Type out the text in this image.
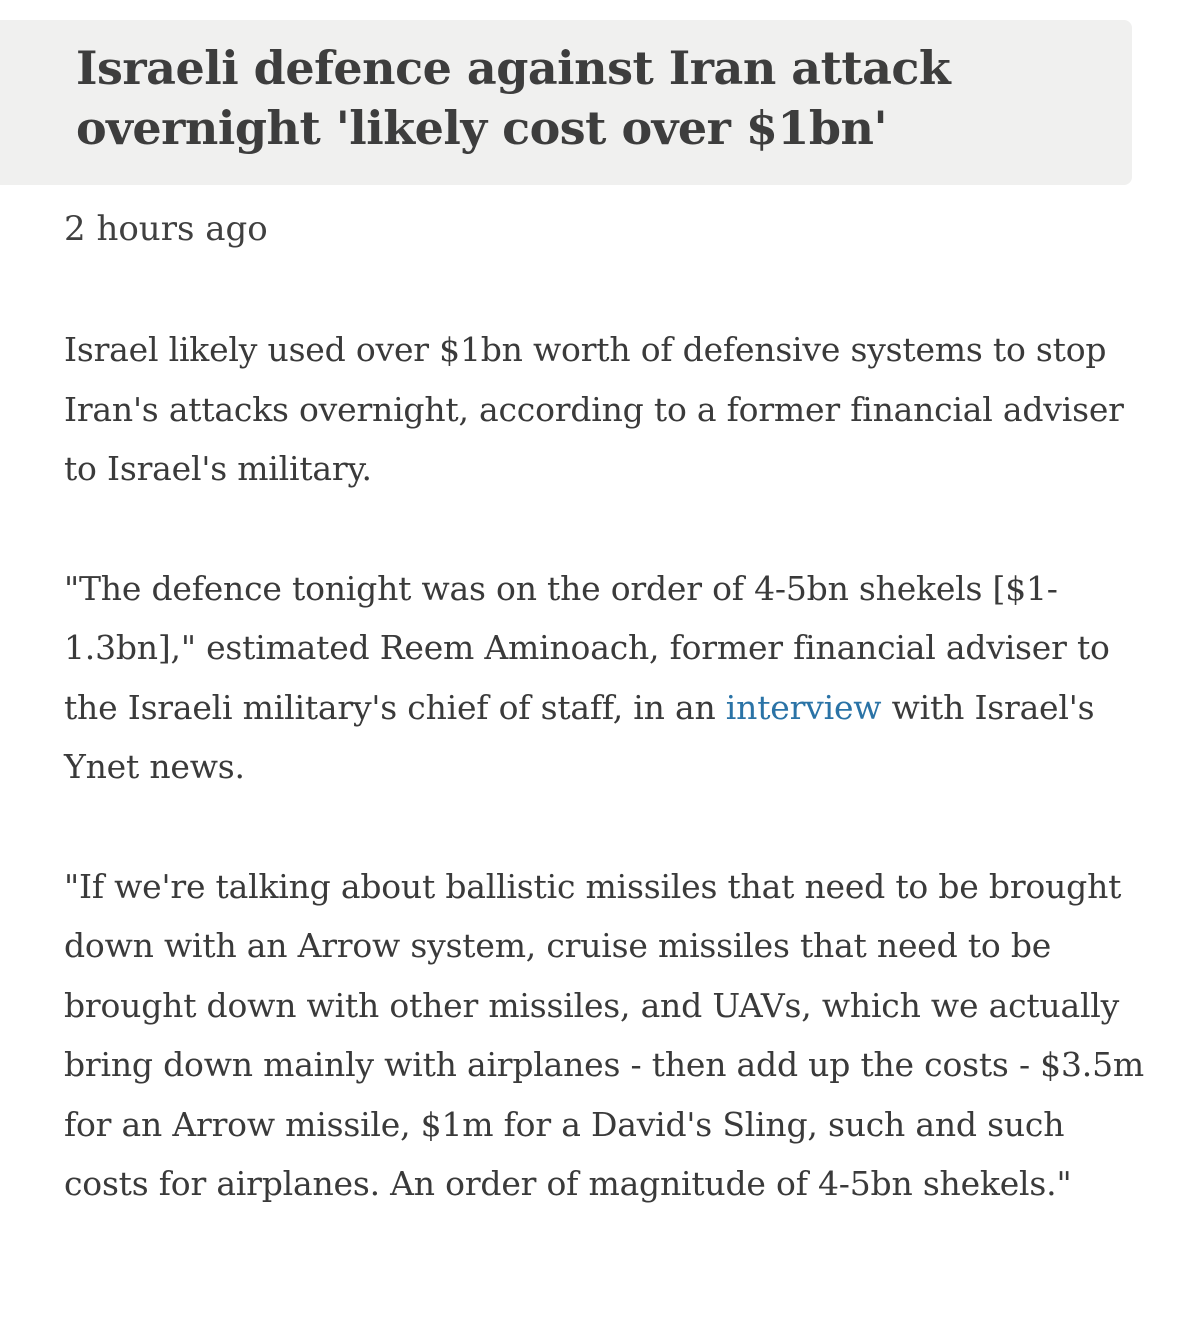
Israeli defence against Iran attack overnight 'likely cost over $1bn'
2 hours ago

Israel likely used over $1bn worth of defensive systems to stop Iran's attacks overnight, according to a former financial adviser to Israel's military.

"The defence tonight was on the order of 4-5bn shekels [$1-1.3bn]," estimated Reem Aminoach, former financial adviser to the Israeli military's chief of staff, in an interview with Israel's Ynet news.

"If we're talking about ballistic missiles that need to be brought down with an Arrow system, cruise missiles that need to be brought down with other missiles, and UAVs, which we actually bring down mainly with airplanes - then add up the costs - $3.5m for an Arrow missile, $1m for a David's Sling, such and such costs for airplanes. An order of magnitude of 4-5bn shekels."
